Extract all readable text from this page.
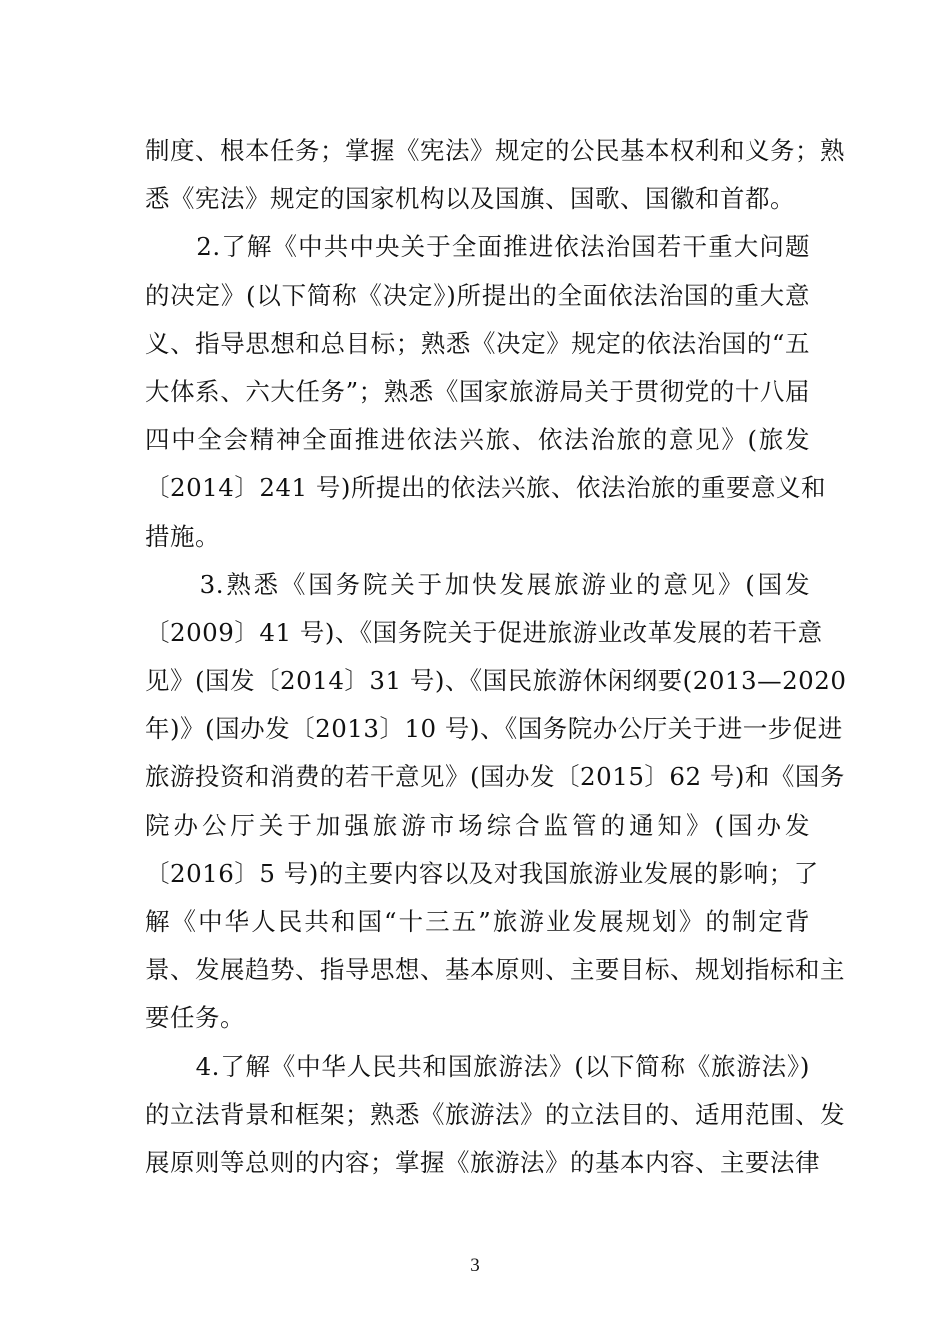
制度、根本任务；掌握《宪法》规定的公民基本权利和义务；熟
悉《宪法》规定的国家机构以及国旗、国歌、国徽和首都。
　　2.了解《中共中央关于全面推进依法治国若干重大问题
的决定》(以下简称《决定》)所提出的全面依法治国的重大意
义、指导思想和总目标；熟悉《决定》规定的依法治国的“五
大体系、六大任务”；熟悉《国家旅游局关于贯彻党的十八届
四中全会精神全面推进依法兴旅、依法治旅的意见》(旅发
〔2014〕241 号)所提出的依法兴旅、依法治旅的重要意义和
措施。
　　3.熟悉《国务院关于加快发展旅游业的意见》(国发
〔2009〕41 号)、《国务院关于促进旅游业改革发展的若干意
见》(国发〔2014〕31 号)、《国民旅游休闲纲要(2013—2020
年)》(国办发〔2013〕10 号)、《国务院办公厅关于进一步促进
旅游投资和消费的若干意见》(国办发〔2015〕62 号)和《国务
院办公厅关于加强旅游市场综合监管的通知》(国办发
〔2016〕5 号)的主要内容以及对我国旅游业发展的影响；了
解《中华人民共和国“十三五”旅游业发展规划》的制定背
景、发展趋势、指导思想、基本原则、主要目标、规划指标和主
要任务。
　　4.了解《中华人民共和国旅游法》(以下简称《旅游法》)
的立法背景和框架；熟悉《旅游法》的立法目的、适用范围、发
展原则等总则的内容；掌握《旅游法》的基本内容、主要法律
3
